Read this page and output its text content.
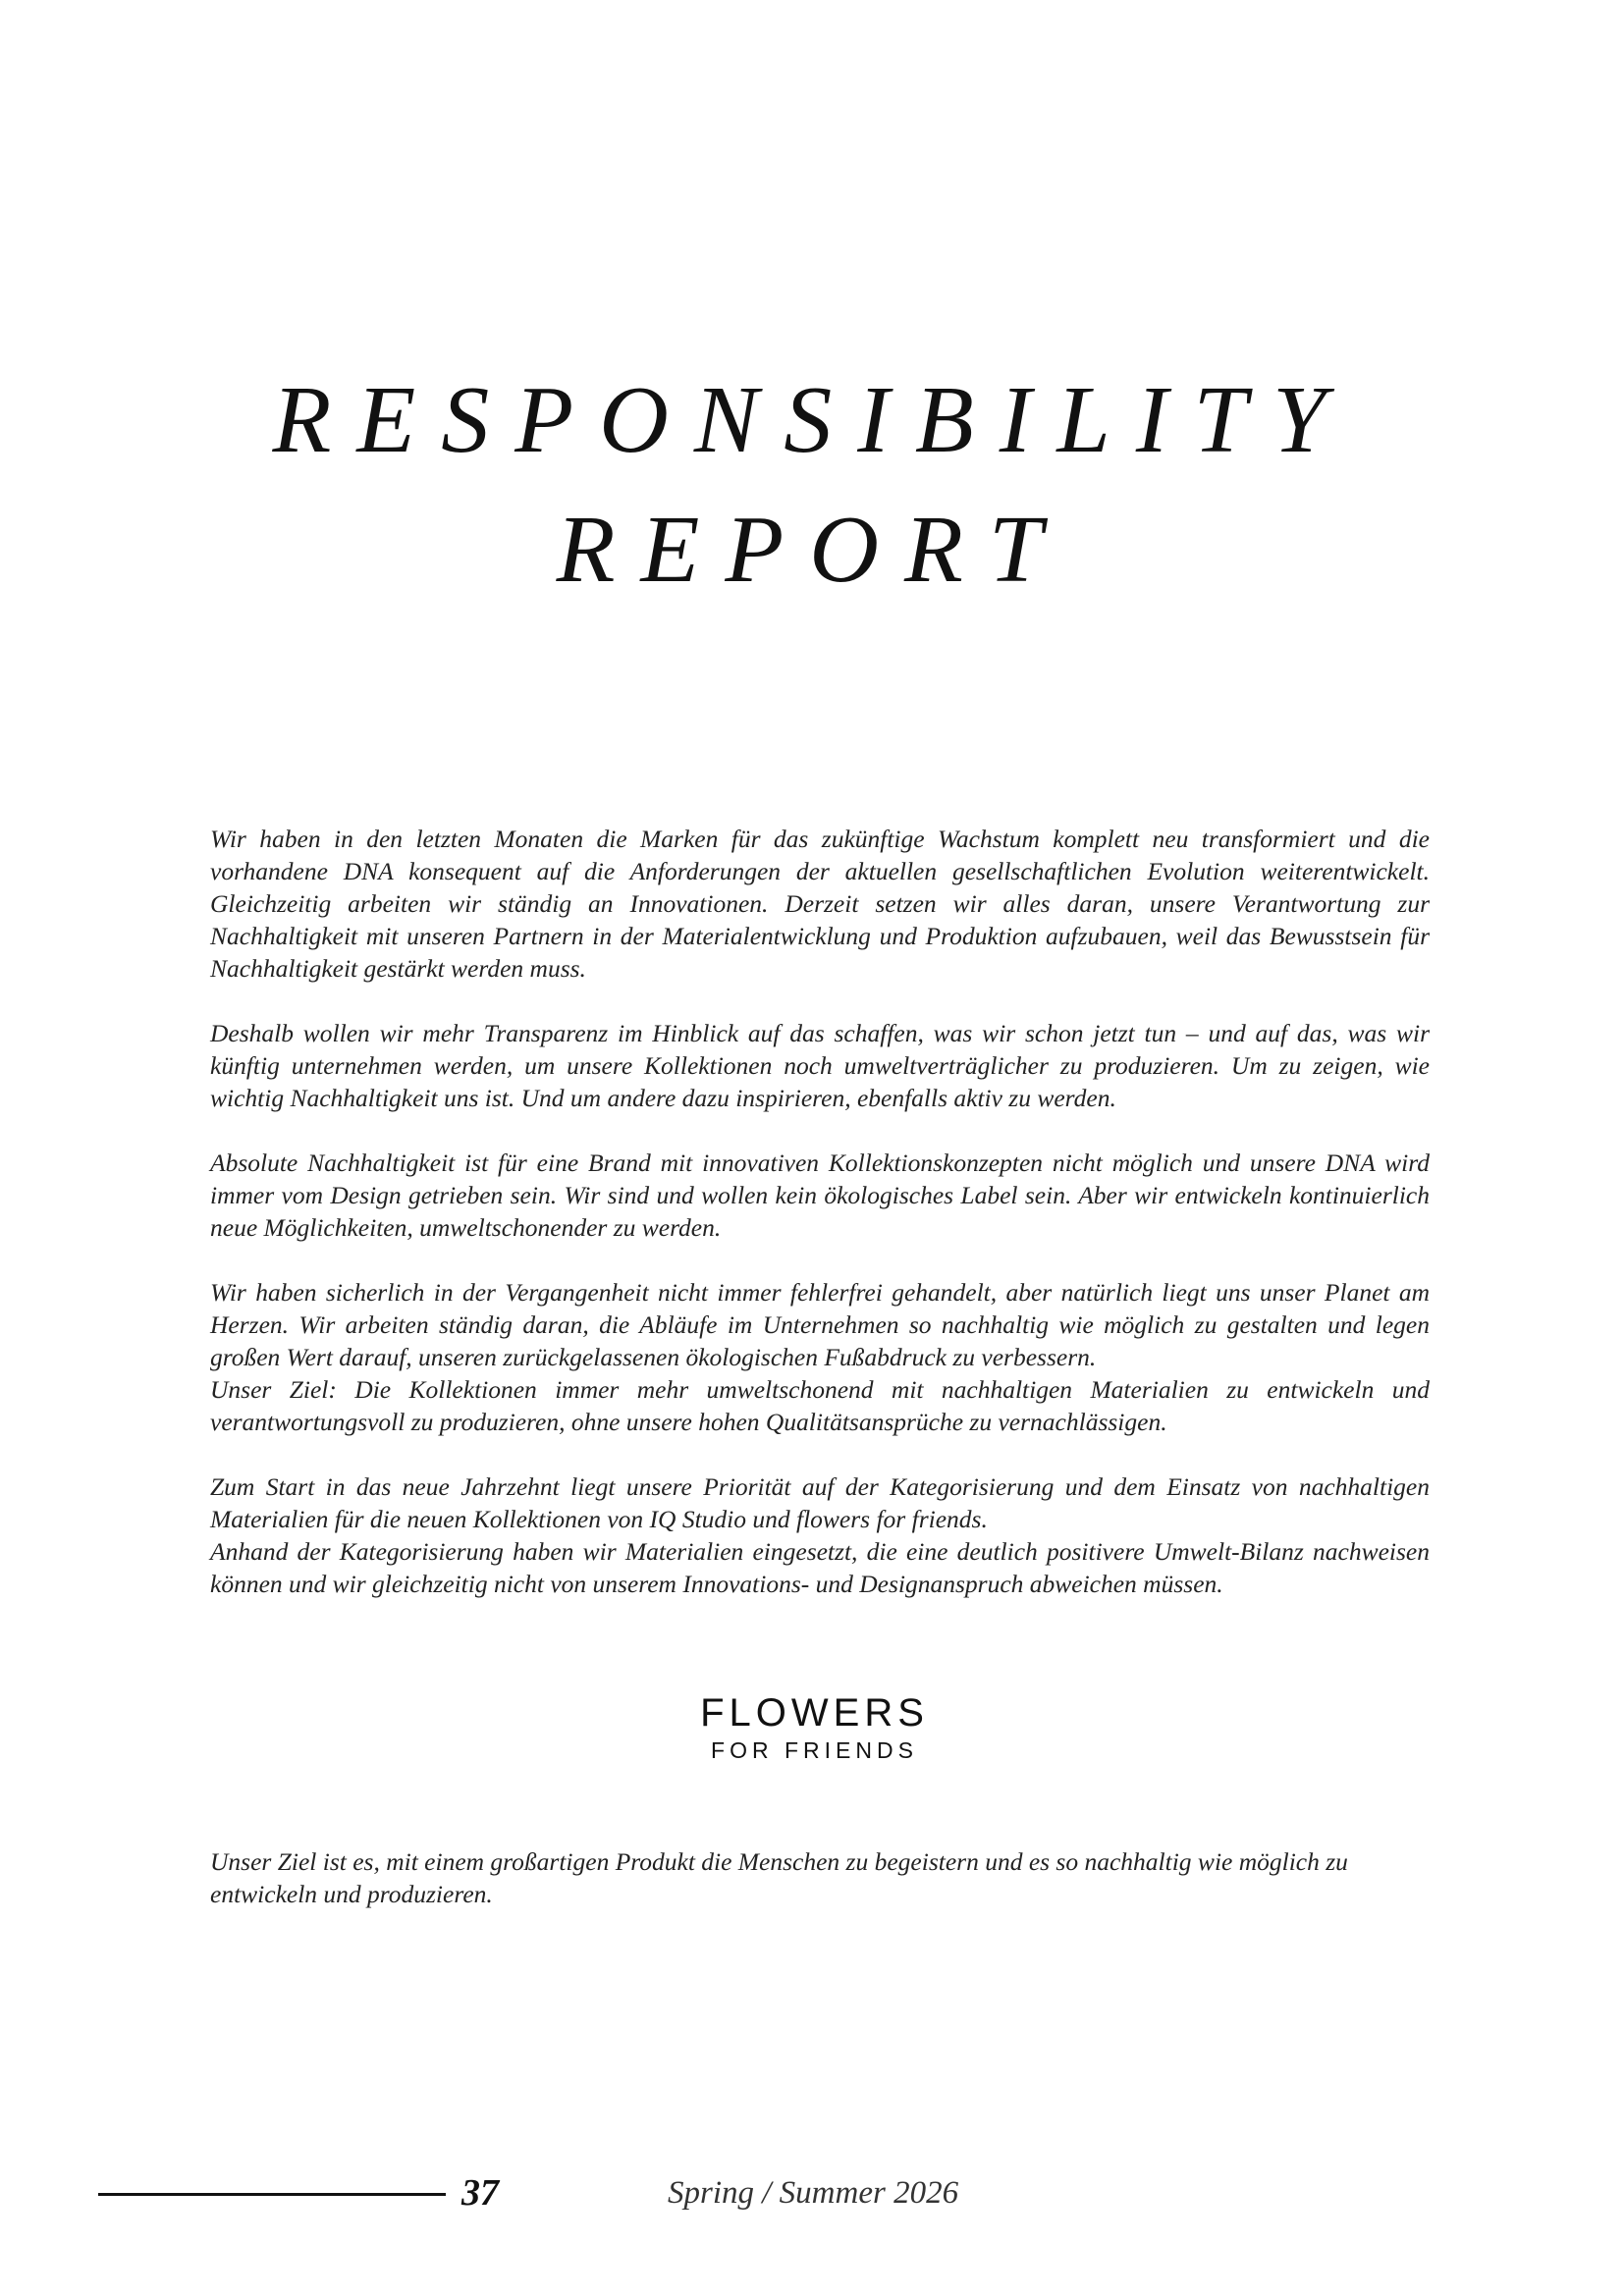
RESPONSIBILITY
REPORT

Wir haben in den letzten Monaten die Marken für das zukünftige Wachstum komplett neu transformiert und die vorhandene DNA konsequent auf die Anforderungen der aktuellen gesellschaftlichen Evolution weiterentwickelt. Gleichzeitig arbeiten wir ständig an Innovationen. Derzeit setzen wir alles daran, unsere Verantwortung zur Nachhaltigkeit mit unseren Partnern in der Materialentwicklung und Produktion aufzubauen, weil das Bewusstsein für Nachhaltigkeit gestärkt werden muss.

Deshalb wollen wir mehr Transparenz im Hinblick auf das schaffen, was wir schon jetzt tun – und auf das, was wir künftig unternehmen werden, um unsere Kollektionen noch umweltverträglicher zu produzieren. Um zu zeigen, wie wichtig Nachhaltigkeit uns ist. Und um andere dazu inspirieren, ebenfalls aktiv zu werden.

Absolute Nachhaltigkeit ist für eine Brand mit innovativen Kollektionskonzepten nicht möglich und unsere DNA wird immer vom Design getrieben sein. Wir sind und wollen kein ökologisches Label sein. Aber wir entwickeln kontinuierlich neue Möglichkeiten, umweltschonender zu werden.

Wir haben sicherlich in der Vergangenheit nicht immer fehlerfrei gehandelt, aber natürlich liegt uns unser Planet am Herzen. Wir arbeiten ständig daran, die Abläufe im Unternehmen so nachhaltig wie möglich zu gestalten und legen großen Wert darauf, unseren zurückgelassenen ökologischen Fußabdruck zu verbessern.
Unser Ziel: Die Kollektionen immer mehr umweltschonend mit nachhaltigen Materialien zu entwickeln und verantwortungsvoll zu produzieren, ohne unsere hohen Qualitätsansprüche zu vernachlässigen.

Zum Start in das neue Jahrzehnt liegt unsere Priorität auf der Kategorisierung und dem Einsatz von nachhaltigen Materialien für die neuen Kollektionen von IQ Studio und flowers for friends.
Anhand der Kategorisierung haben wir Materialien eingesetzt, die eine deutlich positivere Umwelt-Bilanz nachweisen können und wir gleichzeitig nicht von unserem Innovations- und Designanspruch abweichen müssen.

FLOWERS
FOR FRIENDS

Unser Ziel ist es, mit einem großartigen Produkt die Menschen zu begeistern und es so nachhaltig wie möglich zu entwickeln und produzieren.

37	Spring / Summer 2026
